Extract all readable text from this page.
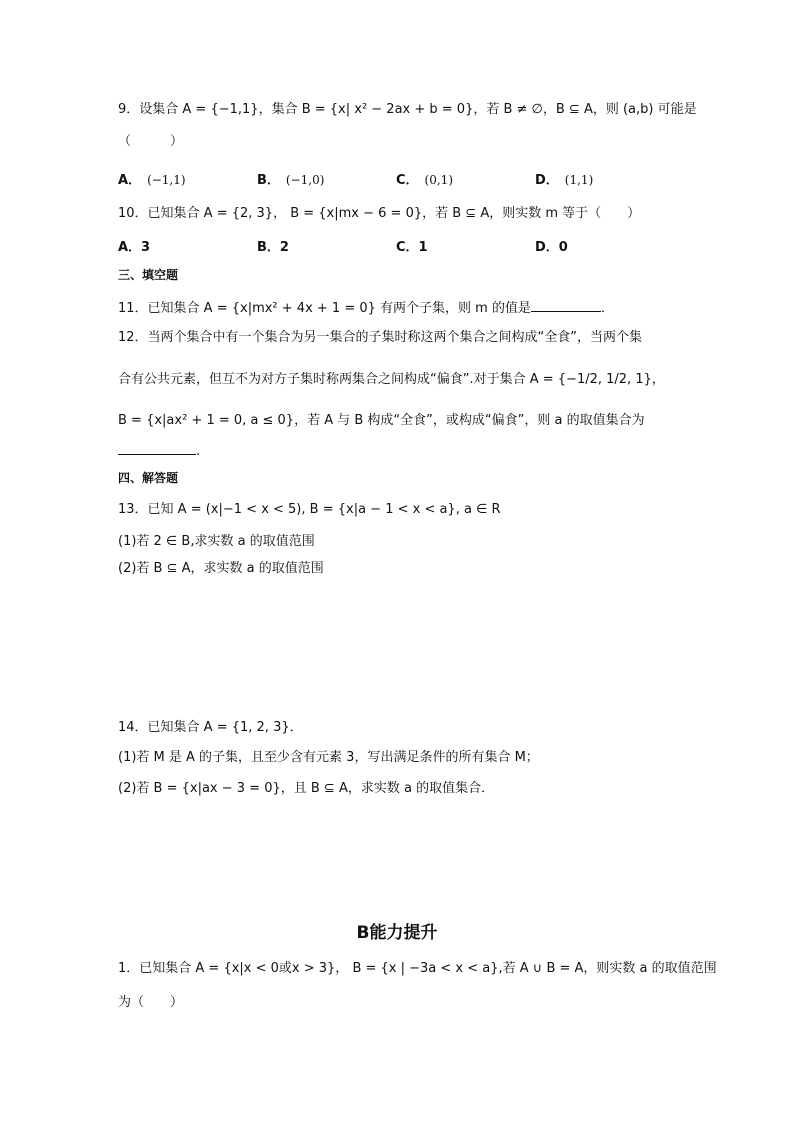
9．设集合 A = {−1,1}，集合 B = {x| x² − 2ax + b = 0}，若 B ≠ ∅，B ⊆ A，则 (a,b) 可能是
（　　　）
A． (−1,1)	B． (−1,0)	C． (0,1)	D． (1,1)
10．已知集合 A = {2, 3}， B = {x|mx − 6 = 0}，若 B ⊆ A，则实数 m 等于（　　）
A．3	B．2	C．1	D．0
三、填空题
11．已知集合 A = {x|mx² + 4x + 1 = 0} 有两个子集，则 m 的值是	．
12．当两个集合中有一个集合为另一集合的子集时称这两个集合之间构成“全食”，当两个集
合有公共元素，但互不为对方子集时称两集合之间构成“偏食”.对于集合 A = {−1/2, 1/2, 1}，
B = {x|ax² + 1 = 0, a ≤ 0}，若 A 与 B 构成“全食”，或构成“偏食”，则 a 的取值集合为
.
四、解答题
13．已知 A = (x|−1 < x < 5), B = {x|a − 1 < x < a}, a ∈ R
(1)若 2 ∈ B,求实数 a 的取值范围
(2)若 B ⊆ A，求实数 a 的取值范围
14．已知集合 A = {1, 2, 3}．
(1)若 M 是 A 的子集，且至少含有元素 3，写出满足条件的所有集合 M；
(2)若 B = {x|ax − 3 = 0}，且 B ⊆ A，求实数 a 的取值集合．
B能力提升
1．已知集合 A = {x|x < 0或x > 3}， B = {x | −3a < x < a},若 A ∪ B = A，则实数 a 的取值范围
为（　　）
